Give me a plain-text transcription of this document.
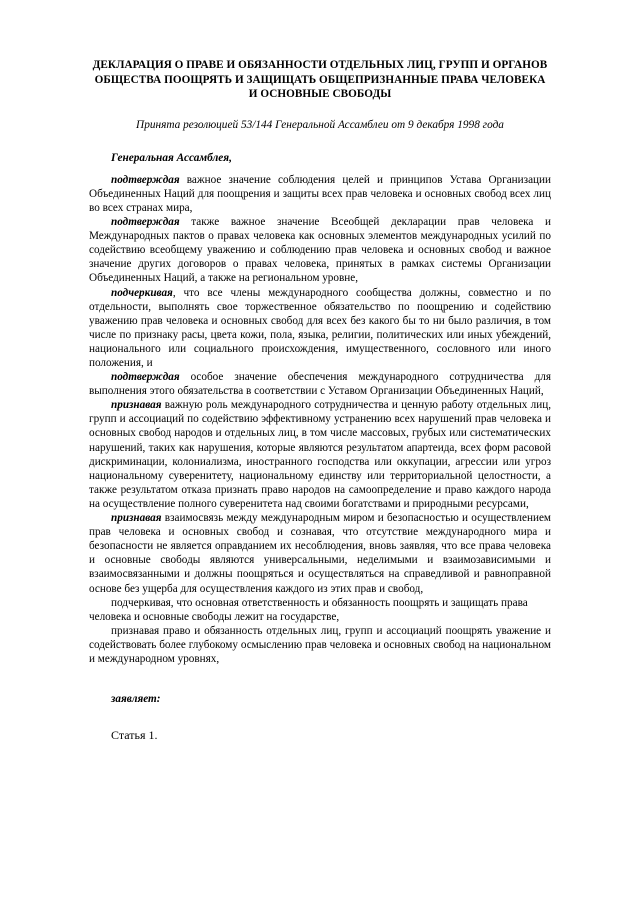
ДЕКЛАРАЦИЯ О ПРАВЕ И ОБЯЗАННОСТИ ОТДЕЛЬНЫХ ЛИЦ, ГРУПП И ОРГАНОВ ОБЩЕСТВА ПООЩРЯТЬ И ЗАЩИЩАТЬ ОБЩЕПРИЗНАННЫЕ ПРАВА ЧЕЛОВЕКА И ОСНОВНЫЕ СВОБОДЫ

Принята резолюцией 53/144 Генеральной Ассамблеи от 9 декабря 1998 года

Генеральная Ассамблея,

подтверждая важное значение соблюдения целей и принципов Устава Организации Объединенных Наций для поощрения и защиты всех прав человека и основных свобод всех лиц во всех странах мира,

подтверждая также важное значение Всеобщей декларации прав человека и Международных пактов о правах человека как основных элементов международных усилий по содействию всеобщему уважению и соблюдению прав человека и основных свобод и важное значение других договоров о правах человека, принятых в рамках системы Организации Объединенных Наций, а также на региональном уровне,

подчеркивая, что все члены международного сообщества должны, совместно и по отдельности, выполнять свое торжественное обязательство по поощрению и содействию уважению прав человека и основных свобод для всех без какого бы то ни было различия, в том числе по признаку расы, цвета кожи, пола, языка, религии, политических или иных убеждений, национального или социального происхождения, имущественного, сословного или иного положения, и

подтверждая особое значение обеспечения международного сотрудничества для выполнения этого обязательства в соответствии с Уставом Организации Объединенных Наций,

признавая важную роль международного сотрудничества и ценную работу отдельных лиц, групп и ассоциаций по содействию эффективному устранению всех нарушений прав человека и основных свобод народов и отдельных лиц, в том числе массовых, грубых или систематических нарушений, таких как нарушения, которые являются результатом апартеида, всех форм расовой дискриминации, колониализма, иностранного господства или оккупации, агрессии или угроз национальному суверенитету, национальному единству или территориальной целостности, а также результатом отказа признать право народов на самоопределение и право каждого народа на осуществление полного суверенитета над своими богатствами и природными ресурсами,

признавая взаимосвязь между международным миром и безопасностью и осуществлением прав человека и основных свобод и сознавая, что отсутствие международного мира и безопасности не является оправданием их несоблюдения, вновь заявляя, что все права человека и основные свободы являются универсальными, неделимыми и взаимозависимыми и взаимосвязанными и должны поощряться и осуществляться на справедливой и равноправной основе без ущерба для осуществления каждого из этих прав и свобод,

подчеркивая, что основная ответственность и обязанность поощрять и защищать права человека и основные свободы лежит на государстве,

признавая право и обязанность отдельных лиц, групп и ассоциаций поощрять уважение и содействовать более глубокому осмыслению прав человека и основных свобод на национальном и международном уровнях,

заявляет:

Статья 1.
